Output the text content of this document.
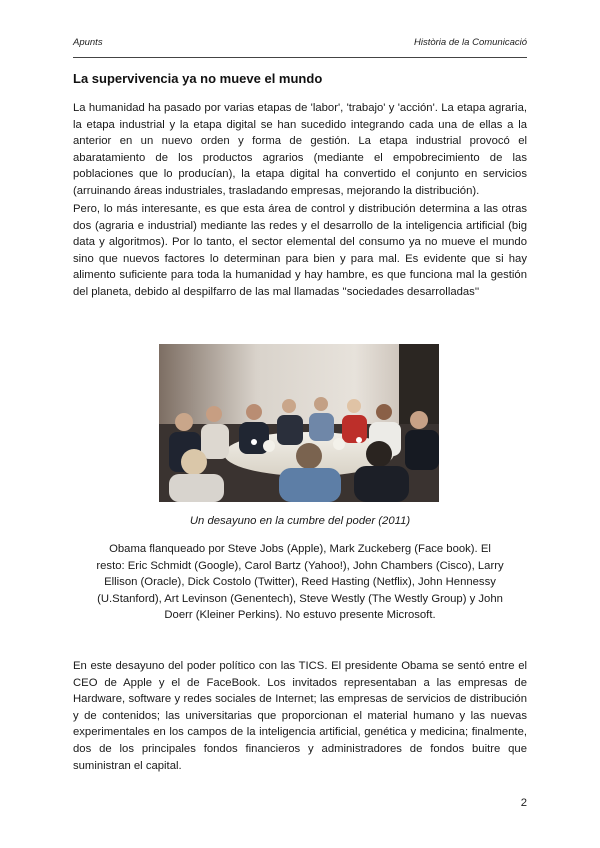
Apunts	Història de la Comunicació
La supervivencia ya no mueve el mundo

La humanidad ha pasado por varias etapas de 'labor', 'trabajo' y 'acción'. La etapa agraria, la etapa industrial y la etapa digital se han sucedido integrando cada una de ellas a la anterior en un nuevo orden y forma de gestión. La etapa industrial provocó el abaratamiento de los productos agrarios (mediante el empobrecimiento de las poblaciones que lo producían), la etapa digital ha convertido el conjunto en servicios (arruinando áreas industriales, trasladando empresas, mejorando la distribución).

Pero, lo más interesante, es que esta área de control y distribución determina a las otras dos (agraria e industrial) mediante las redes y el desarrollo de la inteligencia artificial (big data y algoritmos). Por lo tanto, el sector elemental del consumo ya no mueve el mundo sino que nuevos factores lo determinan para bien y para mal. Es evidente que si hay alimento suficiente para toda la humanidad y hay hambre, es que funciona mal la gestión del planeta, debido al despilfarro de las mal llamadas ''sociedades desarrolladas''

Un desayuno en la cumbre del poder (2011)

Obama flanqueado por Steve Jobs (Apple), Mark Zuckeberg (Face book). El resto: Eric Schmidt (Google), Carol Bartz (Yahoo!), John Chambers (Cisco), Larry Ellison (Oracle), Dick Costolo (Twitter), Reed Hasting (Netflix), John Hennessy (U.Stanford), Art Levinson (Genentech), Steve Westly (The Westly Group) y John Doerr (Kleiner Perkins). No estuvo presente Microsoft.

En este desayuno del poder político con las TICS. El presidente Obama se sentó entre el CEO de Apple y el de FaceBook. Los invitados representaban a las empresas de Hardware, software y redes sociales de Internet; las empresas de servicios de distribución y de contenidos; las universitarias que proporcionan el material humano y las nuevas experimentales en los campos de la inteligencia artificial, genética y medicina; finalmente, dos de los principales fondos financieros y administradores de fondos buitre que suministran el capital.

2
